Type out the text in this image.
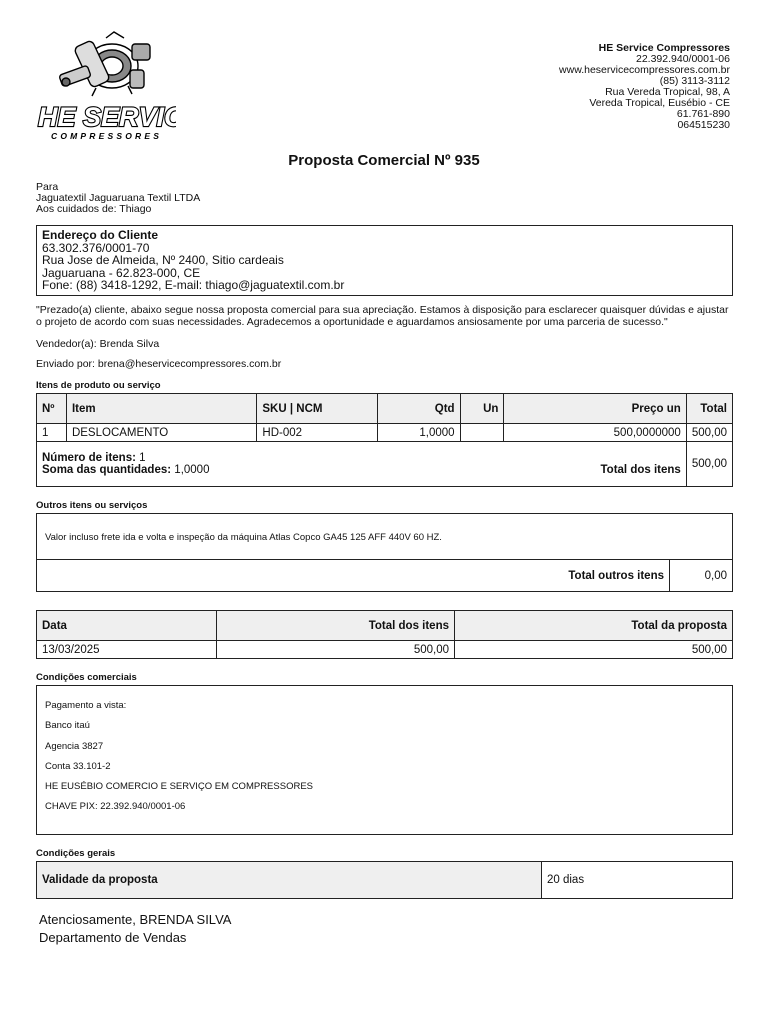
HE SERVI
HE SERVI
COMPRESSORES
HE Service Compressores
22.392.940/0001-06
www.heservicecompressores.com.br
(85) 3113-3112
Rua Vereda Tropical, 98, A
Vereda Tropical, Eusébio - CE
61.761-890
064515230
Proposta Comercial Nº 935
Para
Jaguatextil Jaguaruana Textil LTDA
Aos cuidados de: Thiago
Endereço do Cliente
63.302.376/0001-70
Rua Jose de Almeida, Nº 2400, Sitio cardeais
Jaguaruana - 62.823-000, CE
Fone: (88) 3418-1292, E-mail: thiago@jaguatextil.com.br
"Prezado(a) cliente, abaixo segue nossa proposta comercial para sua apreciação. Estamos à disposição para esclarecer quaisquer dúvidas e ajustar o projeto de acordo com suas necessidades. Agradecemos a oportunidade e aguardamos ansiosamente por uma parceria de sucesso."
Vendedor(a): Brenda Silva
Enviado por: brena@heservicecompressores.com.br
Itens de produto ou serviço
Nº	Item	SKU | NCM	Qtd	Un	Preço un	Total
1	DESLOCAMENTO	HD-002	1,0000		500,0000000	500,00

Número de itens: 1
Soma das quantidades: 1,0000 Total dos itens						500,00
Outros itens ou serviços
Valor incluso frete ida e volta e inspeção da máquina Atlas Copco GA45 125 AFF 440V 60 HZ.
Total outros itens	0,00
Data	Total dos itens	Total da proposta
13/03/2025	500,00	500,00
Condições comerciais
Pagamento a vista:
Banco itaú
Agencia 3827
Conta 33.101-2
HE EUSÉBIO COMERCIO E SERVIÇO EM COMPRESSORES
CHAVE PIX: 22.392.940/0001-06
Condições gerais
Validade da proposta	20 dias
Atenciosamente, BRENDA SILVA
Departamento de Vendas
